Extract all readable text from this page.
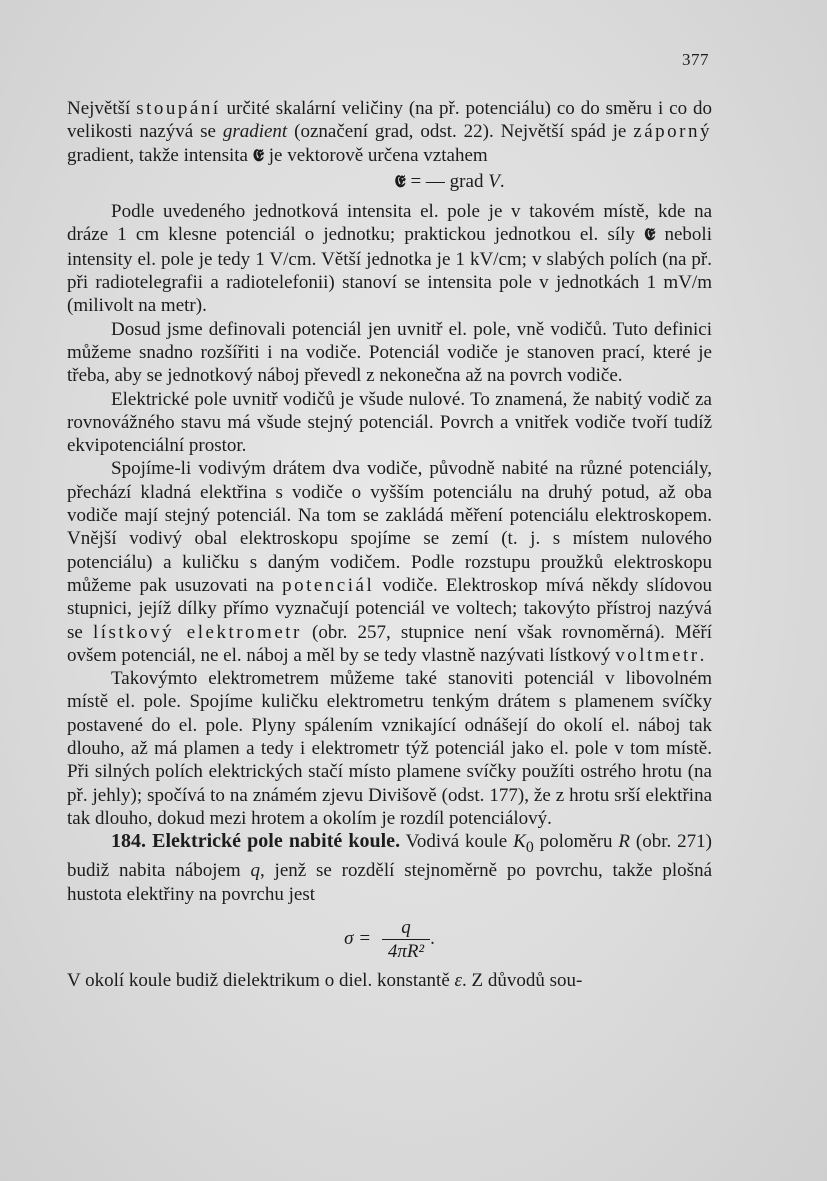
377

Největší stoupání určité skalární veličiny (na př. potenciálu) co do směru i co do velikosti nazývá se gradient (označení grad, odst. 22). Největší spád je záporný gradient, takže intensita 𝕰 je vektorově určena vztahem

𝕰 = — grad V.

Podle uvedeného jednotková intensita el. pole je v takovém místě, kde na dráze 1 cm klesne potenciál o jednotku; praktickou jednotkou el. síly 𝕰 neboli intensity el. pole je tedy 1 V/cm. Větší jednotka je 1 kV/cm; v slabých polích (na př. při radiotelegrafii a radiotelefonii) stanoví se intensita pole v jednotkách 1 mV/m (milivolt na metr).

Dosud jsme definovali potenciál jen uvnitř el. pole, vně vodičů. Tuto definici můžeme snadno rozšířiti i na vodiče. Potenciál vodiče je stanoven prací, které je třeba, aby se jednotkový náboj převedl z nekonečna až na povrch vodiče.

Elektrické pole uvnitř vodičů je všude nulové. To znamená, že nabitý vodič za rovnovážného stavu má všude stejný potenciál. Povrch a vnitřek vodiče tvoří tudíž ekvipotenciální prostor.

Spojíme-li vodivým drátem dva vodiče, původně nabité na různé potenciály, přechází kladná elektřina s vodiče o vyšším potenciálu na druhý potud, až oba vodiče mají stejný potenciál. Na tom se zakládá měření potenciálu elektroskopem. Vnější vodivý obal elektroskopu spojíme se zemí (t. j. s místem nulového potenciálu) a kuličku s daným vodičem. Podle rozstupu proužků elektroskopu můžeme pak usuzovati na potenciál vodiče. Elektroskop mívá někdy slídovou stupnici, jejíž dílky přímo vyznačují potenciál ve voltech; takovýto přístroj nazývá se lístkový elektrometr (obr. 257, stupnice není však rovnoměrná). Měří ovšem potenciál, ne el. náboj a měl by se tedy vlastně nazývati lístkový voltmetr.

Takovýmto elektrometrem můžeme také stanoviti potenciál v libovolném místě el. pole. Spojíme kuličku elektrometru tenkým drátem s plamenem svíčky postavené do el. pole. Plyny spálením vznikající odnášejí do okolí el. náboj tak dlouho, až má plamen a tedy i elektrometr týž potenciál jako el. pole v tom místě. Při silných polích elektrických stačí místo plamene svíčky použíti ostrého hrotu (na př. jehly); spočívá to na známém zjevu Divišově (odst. 177), že z hrotu srší elektřina tak dlouho, dokud mezi hrotem a okolím je rozdíl potenciálový.

184. Elektrické pole nabité koule. Vodivá koule $K_0$ poloměru R (obr. 271) budiž nabita nábojem q, jenž se rozdělí stejnoměrně po povrchu, takže plošná hustota elektřiny na povrchu jest

$\sigma = \frac{q}{\text{4πR²}}$ .

V okolí koule budiž dielektrikum o diel. konstantě ε. Z důvodů sou-
